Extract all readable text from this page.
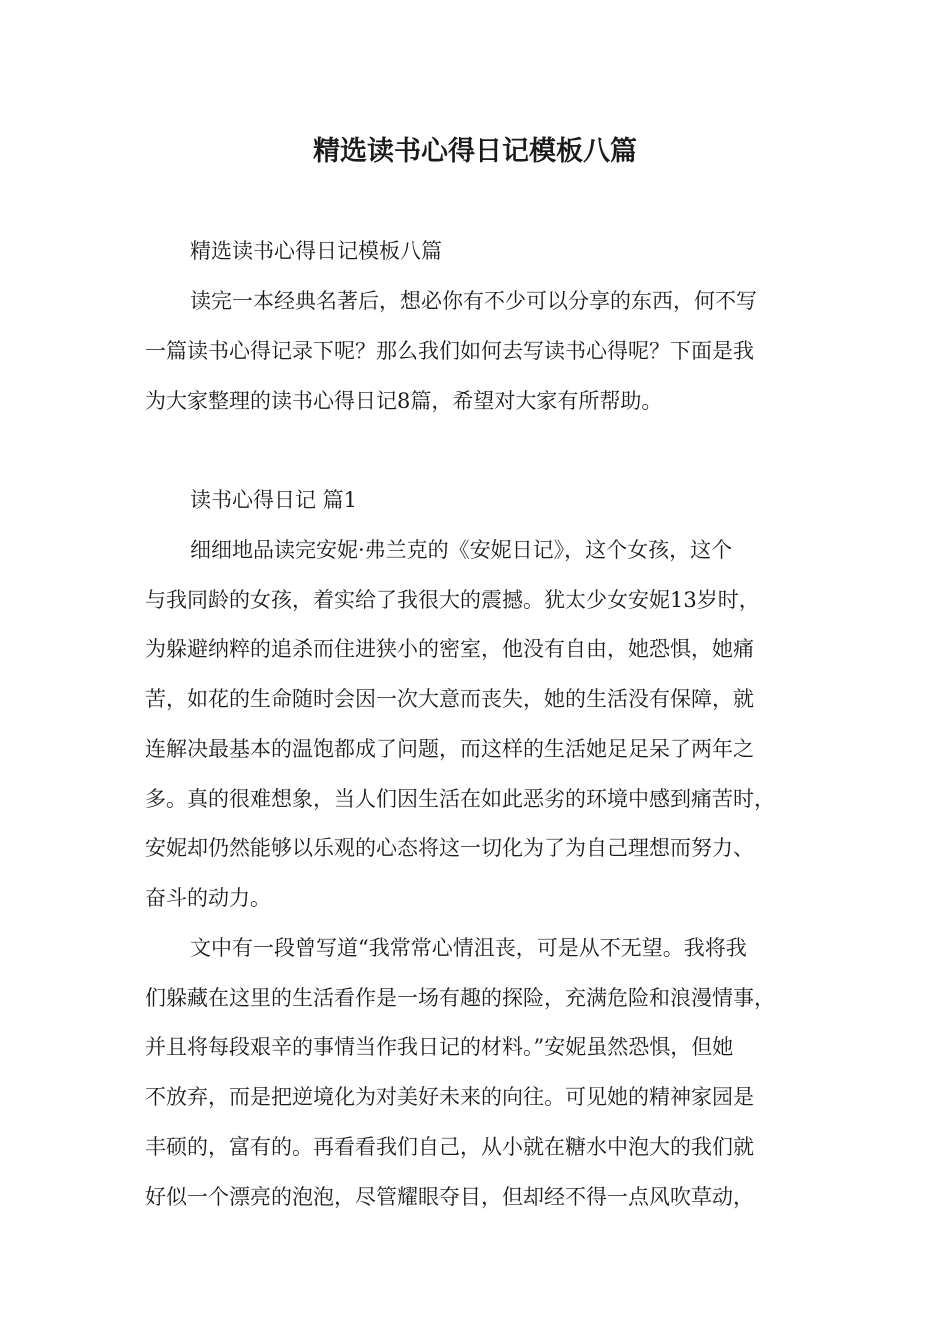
精选读书心得日记模板八篇
精选读书心得日记模板八篇
读完一本经典名著后，想必你有不少可以分享的东西，何不写
一篇读书心得记录下呢？那么我们如何去写读书心得呢？下面是我
为大家整理的读书心得日记8篇，希望对大家有所帮助。
读书心得日记 篇1
细细地品读完安妮·弗兰克的《安妮日记》，这个女孩，这个
与我同龄的女孩，着实给了我很大的震撼。犹太少女安妮13岁时，
为躲避纳粹的追杀而住进狭小的密室，他没有自由，她恐惧，她痛
苦，如花的生命随时会因一次大意而丧失，她的生活没有保障，就
连解决最基本的温饱都成了问题，而这样的生活她足足呆了两年之
多。真的很难想象，当人们因生活在如此恶劣的环境中感到痛苦时，
安妮却仍然能够以乐观的心态将这一切化为了为自己理想而努力、
奋斗的动力。
文中有一段曾写道“我常常心情沮丧，可是从不无望。我将我
们躲藏在这里的生活看作是一场有趣的探险，充满危险和浪漫情事，
并且将每段艰辛的事情当作我日记的材料。”安妮虽然恐惧，但她
不放弃，而是把逆境化为对美好未来的向往。可见她的精神家园是
丰硕的，富有的。再看看我们自己，从小就在糖水中泡大的我们就
好似一个漂亮的泡泡，尽管耀眼夺目，但却经不得一点风吹草动，
